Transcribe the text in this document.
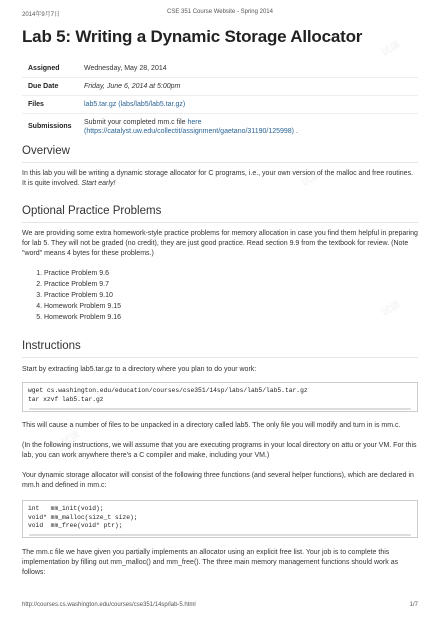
2014年9月7日	CSE 351 Course Website - Spring 2014
Lab 5: Writing a Dynamic Storage Allocator
Assigned	Wednesday, May 28, 2014
Due Date	Friday, June 6, 2014 at 5:00pm
Files	lab5.tar.gz (labs/lab5/lab5.tar.gz)
Submissions	Submit your completed mm.c file here
(https://catalyst.uw.edu/collectit/assignment/gaetano/31190/125998) .
Overview

In this lab you will be writing a dynamic storage allocator for C programs, i.e., your own version of the malloc and free routines. It is quite involved. Start early!

Optional Practice Problems

We are providing some extra homework-style practice problems for memory allocation in case you find them helpful in preparing for lab 5. They will not be graded (no credit), they are just good practice. Read section 9.9 from the textbook for review. (Note "word" means 4 bytes for these problems.)

1. Practice Problem 9.6
2. Practice Problem 9.7
3. Practice Problem 9.10
4. Homework Problem 9.15
5. Homework Problem 9.16
Instructions

Start by extracting lab5.tar.gz to a directory where you plan to do your work:

wget cs.washington.edu/education/courses/cse351/14sp/labs/lab5/lab5.tar.gz
tar xzvf lab5.tar.gz

This will cause a number of files to be unpacked in a directory called lab5. The only file you will modify and turn in is mm.c.

(In the following instructions, we will assume that you are executing programs in your local directory on attu or your VM. For this lab, you can work anywhere there's a C compiler and make, including your VM.)

Your dynamic storage allocator will consist of the following three functions (and several helper functions), which are declared in mm.h and defined in mm.c:

int   mm_init(void);
void* mm_malloc(size_t size);
void  mm_free(void* ptr);

The mm.c file we have given you partially implements an allocator using an explicit free list. Your job is to complete this implementation by filling out mm_malloc() and mm_free(). The three main memory management functions should work as follows:

http://courses.cs.washington.edu/courses/cse351/14sp/lab-5.html	1/7
